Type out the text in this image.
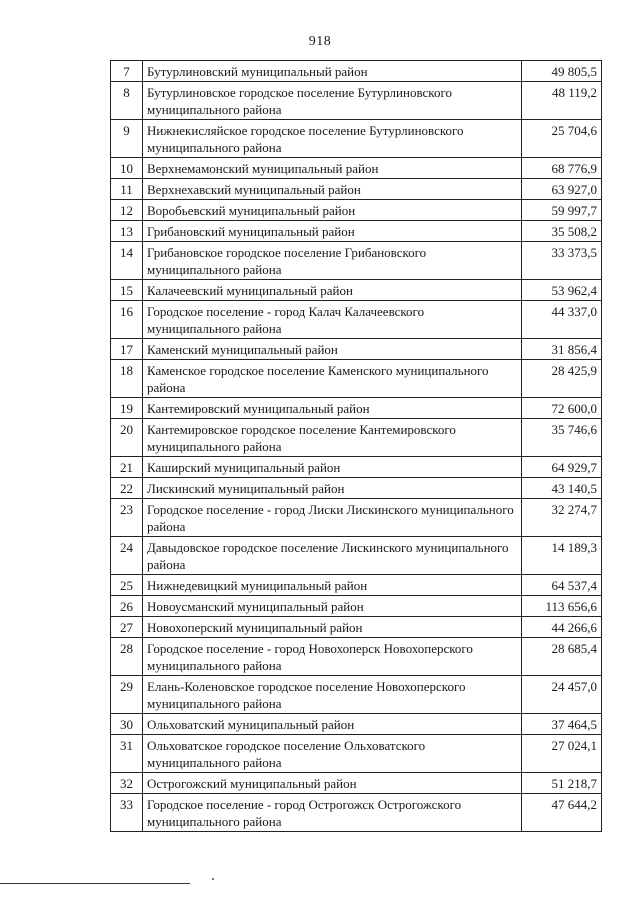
918
7	Бутурлиновский муниципальный район	49 805,5
8	Бутурлиновское городское поселение Бутурлиновского муниципального района	48 119,2
9	Нижнекисляйское городское поселение Бутурлиновского муниципального района	25 704,6
10	Верхнемамонский муниципальный район	68 776,9
11	Верхнехавский муниципальный район	63 927,0
12	Воробьевский муниципальный район	59 997,7
13	Грибановский муниципальный район	35 508,2
14	Грибановское городское поселение Грибановского муниципального района	33 373,5
15	Калачеевский муниципальный район	53 962,4
16	Городское поселение - город Калач Калачеевского муниципального района	44 337,0
17	Каменский муниципальный район	31 856,4
18	Каменское городское поселение Каменского муниципального района	28 425,9
19	Кантемировский муниципальный район	72 600,0
20	Кантемировское городское поселение Кантемировского муниципального района	35 746,6
21	Каширский муниципальный район	64 929,7
22	Лискинский муниципальный район	43 140,5
23	Городское поселение - город Лиски Лискинского муниципального района	32 274,7
24	Давыдовское городское поселение Лискинского муниципального района	14 189,3
25	Нижнедевицкий муниципальный район	64 537,4
26	Новоусманский муниципальный район	113 656,6
27	Новохоперский муниципальный район	44 266,6
28	Городское поселение - город Новохоперск Новохоперского муниципального района	28 685,4
29	Елань-Коленовское городское поселение Новохоперского муниципального района	24 457,0
30	Ольховатский муниципальный район	37 464,5
31	Ольховатское городское поселение Ольховатского муниципального района	27 024,1
32	Острогожский муниципальный район	51 218,7
33	Городское поселение - город Острогожск Острогожского муниципального района	47 644,2
